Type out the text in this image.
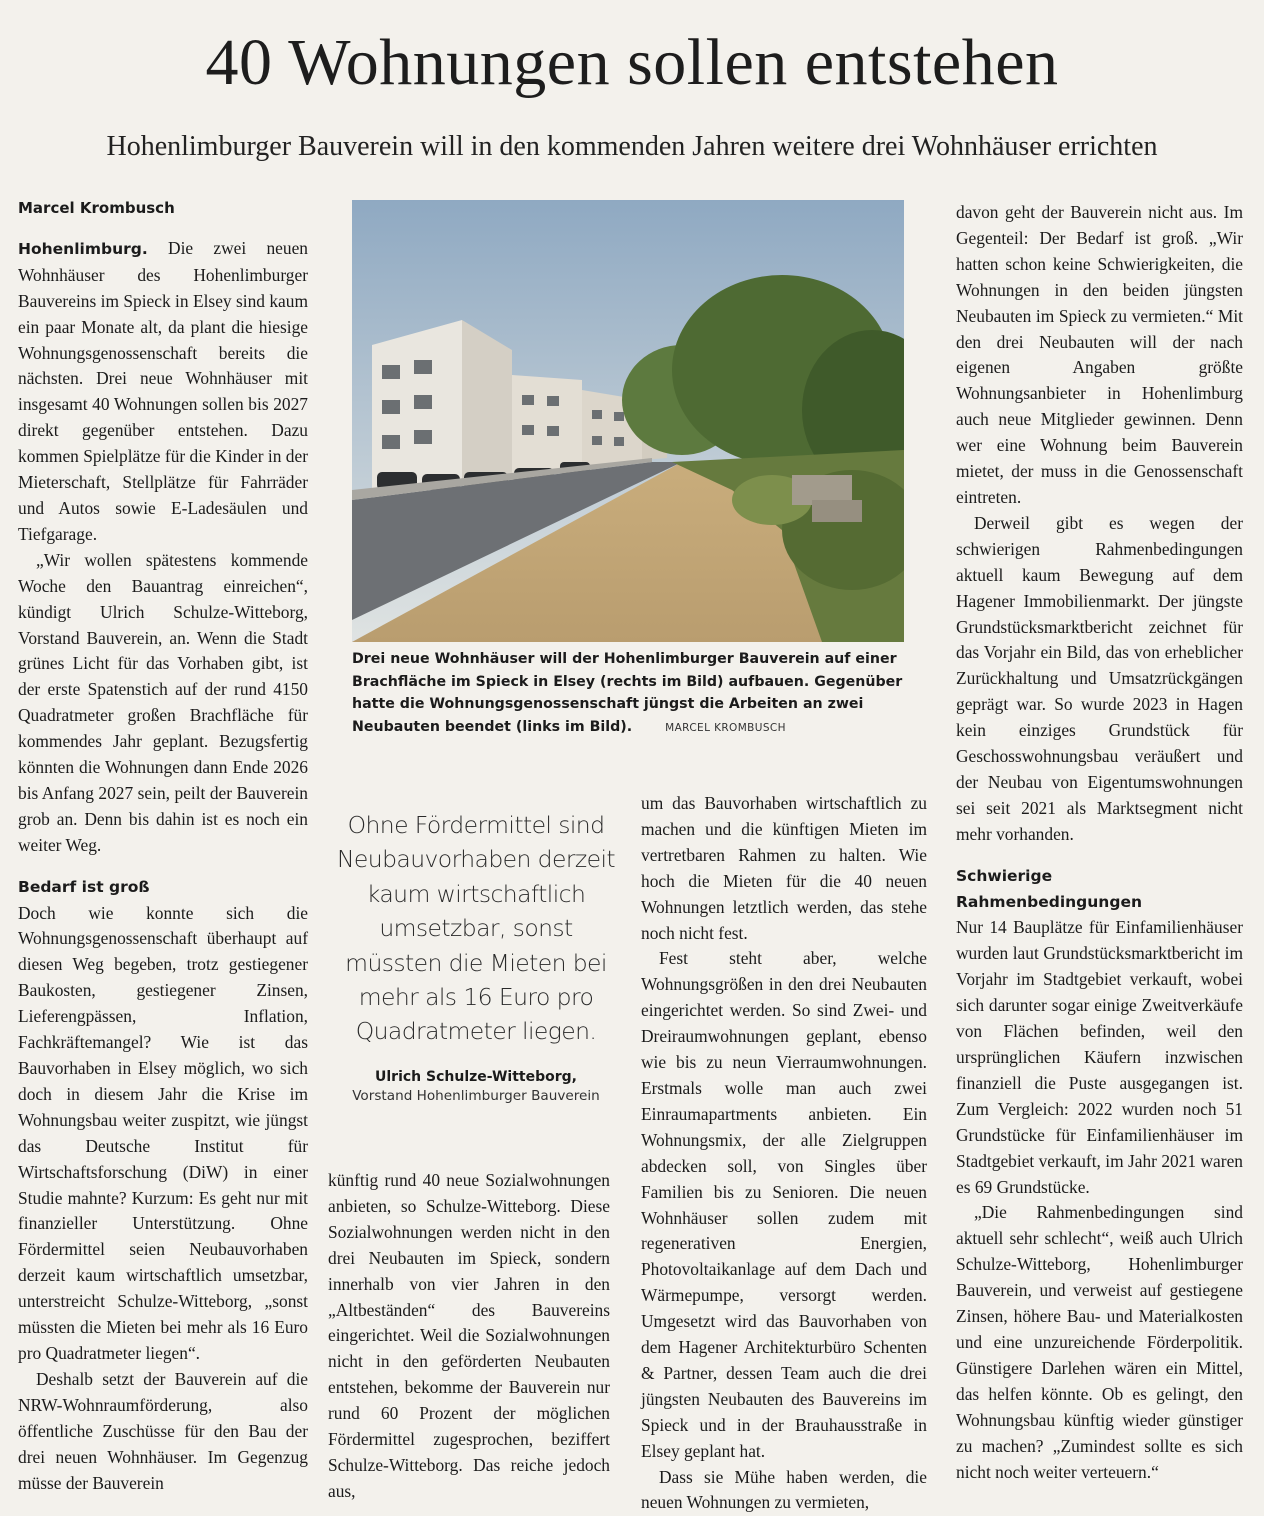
40 Wohnungen sollen entstehen
Hohenlimburger Bauverein will in den kommenden Jahren weitere drei Wohnhäuser errichten

Marcel Krombusch

Hohenlimburg. Die zwei neuen Wohnhäuser des Hohenlimburger Bauvereins im Spieck in Elsey sind kaum ein paar Monate alt, da plant die hiesige Wohnungsgenossenschaft bereits die nächsten. Drei neue Wohnhäuser mit insgesamt 40 Wohnungen sollen bis 2027 direkt gegenüber entstehen. Dazu kommen Spielplätze für die Kinder in der Mieterschaft, Stellplätze für Fahrräder und Autos sowie E-Ladesäulen und Tiefgarage.

„Wir wollen spätestens kommende Woche den Bauantrag einreichen“, kündigt Ulrich Schulze-Witteborg, Vorstand Bauverein, an. Wenn die Stadt grünes Licht für das Vorhaben gibt, ist der erste Spatenstich auf der rund 4150 Quadratmeter großen Brachfläche für kommendes Jahr geplant. Bezugsfertig könnten die Wohnungen dann Ende 2026 bis Anfang 2027 sein, peilt der Bauverein grob an. Denn bis dahin ist es noch ein weiter Weg.

Bedarf ist groß

Doch wie konnte sich die Wohnungsgenossenschaft überhaupt auf diesen Weg begeben, trotz gestiegener Baukosten, gestiegener Zinsen, Lieferengpässen, Inflation, Fachkräftemangel? Wie ist das Bauvorhaben in Elsey möglich, wo sich doch in diesem Jahr die Krise im Wohnungsbau weiter zuspitzt, wie jüngst das Deutsche Institut für Wirtschaftsforschung (DiW) in einer Studie mahnte? Kurzum: Es geht nur mit finanzieller Unterstützung. Ohne Fördermittel seien Neubauvorhaben derzeit kaum wirtschaftlich umsetzbar, unterstreicht Schulze-Witteborg, „sonst müssten die Mieten bei mehr als 16 Euro pro Quadratmeter liegen“.

Deshalb setzt der Bauverein auf die NRW-Wohnraumförderung, also öffentliche Zuschüsse für den Bau der drei neuen Wohnhäuser. Im Gegenzug müsse der Bauverein

Drei neue Wohnhäuser will der Hohenlimburger Bauverein auf einer Brachfläche im Spieck in Elsey (rechts im Bild) aufbauen. Gegenüber hatte die Wohnungsgenossenschaft jüngst die Arbeiten an zwei Neubauten beendet (links im Bild).	MARCEL KROMBUSCH
Ohne Fördermittel sind Neubauvorhaben derzeit kaum wirtschaftlich umsetzbar, sonst müssten die Mieten bei mehr als 16 Euro pro Quadratmeter liegen.
Ulrich Schulze-Witteborg,
Vorstand Hohenlimburger Bauverein

künftig rund 40 neue Sozialwohnungen anbieten, so Schulze-Witteborg. Diese Sozialwohnungen werden nicht in den drei Neubauten im Spieck, sondern innerhalb von vier Jahren in den „Altbeständen“ des Bauvereins eingerichtet. Weil die Sozialwohnungen nicht in den geförderten Neubauten entstehen, bekomme der Bauverein nur rund 60 Prozent der möglichen Fördermittel zugesprochen, beziffert Schulze-Witteborg. Das reiche jedoch aus,

um das Bauvorhaben wirtschaftlich zu machen und die künftigen Mieten im vertretbaren Rahmen zu halten. Wie hoch die Mieten für die 40 neuen Wohnungen letztlich werden, das stehe noch nicht fest.

Fest steht aber, welche Wohnungsgrößen in den drei Neubauten eingerichtet werden. So sind Zwei- und Dreiraumwohnungen geplant, ebenso wie bis zu neun Vierraumwohnungen. Erstmals wolle man auch zwei Einraumapartments anbieten. Ein Wohnungsmix, der alle Zielgruppen abdecken soll, von Singles über Familien bis zu Senioren. Die neuen Wohnhäuser sollen zudem mit regenerativen Energien, Photovoltaikanlage auf dem Dach und Wärmepumpe, versorgt werden. Umgesetzt wird das Bauvorhaben von dem Hagener Architekturbüro Schenten & Partner, dessen Team auch die drei jüngsten Neubauten des Bauvereins im Spieck und in der Brauhausstraße in Elsey geplant hat.

Dass sie Mühe haben werden, die neuen Wohnungen zu vermieten,

davon geht der Bauverein nicht aus. Im Gegenteil: Der Bedarf ist groß. „Wir hatten schon keine Schwierigkeiten, die Wohnungen in den beiden jüngsten Neubauten im Spieck zu vermieten.“ Mit den drei Neubauten will der nach eigenen Angaben größte Wohnungsanbieter in Hohenlimburg auch neue Mitglieder gewinnen. Denn wer eine Wohnung beim Bauverein mietet, der muss in die Genossenschaft eintreten.

Derweil gibt es wegen der schwierigen Rahmenbedingungen aktuell kaum Bewegung auf dem Hagener Immobilienmarkt. Der jüngste Grundstücksmarktbericht zeichnet für das Vorjahr ein Bild, das von erheblicher Zurückhaltung und Umsatzrückgängen geprägt war. So wurde 2023 in Hagen kein einziges Grundstück für Geschosswohnungsbau veräußert und der Neubau von Eigentumswohnungen sei seit 2021 als Marktsegment nicht mehr vorhanden.

Schwierige Rahmenbedingungen

Nur 14 Bauplätze für Einfamilienhäuser wurden laut Grundstücksmarktbericht im Vorjahr im Stadtgebiet verkauft, wobei sich darunter sogar einige Zweitverkäufe von Flächen befinden, weil den ursprünglichen Käufern inzwischen finanziell die Puste ausgegangen ist. Zum Vergleich: 2022 wurden noch 51 Grundstücke für Einfamilienhäuser im Stadtgebiet verkauft, im Jahr 2021 waren es 69 Grundstücke.

„Die Rahmenbedingungen sind aktuell sehr schlecht“, weiß auch Ulrich Schulze-Witteborg, Hohenlimburger Bauverein, und verweist auf gestiegene Zinsen, höhere Bau- und Materialkosten und eine unzureichende Förderpolitik. Günstigere Darlehen wären ein Mittel, das helfen könnte. Ob es gelingt, den Wohnungsbau künftig wieder günstiger zu machen? „Zumindest sollte es sich nicht noch weiter verteuern.“
